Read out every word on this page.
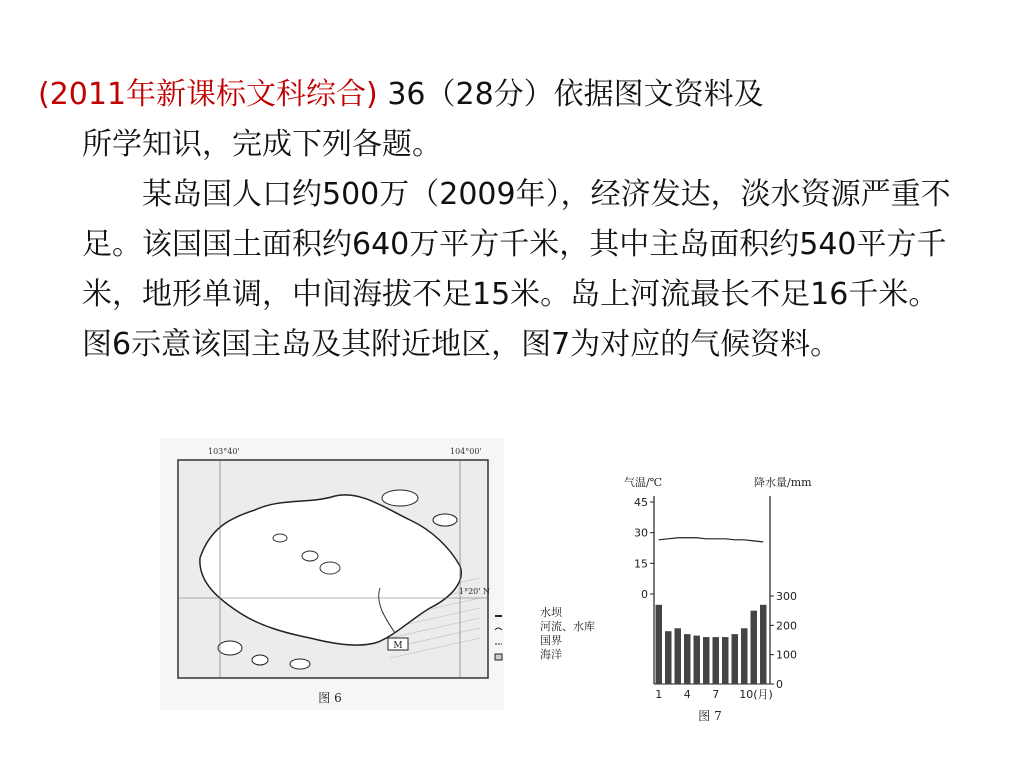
(2011年新课标文科综合) 36（28分）依据图文资料及
所学知识，完成下列各题。

某岛国人口约500万（2009年），经济发达，淡水资源严重不足。该国国土面积约640万平方千米，其中主岛面积约540平方千米，地形单调，中间海拔不足15米。岛上河流最长不足16千米。图6示意该国主岛及其附近地区，图7为对应的气候资料。

103°40'	104°00'
1°20' N
M
图 6
水坝
河流、水库
国界
海洋
气温/℃	降水量/mm
45
30
15
0	300
200
100
0
1 4 7 10(月)
图 7
